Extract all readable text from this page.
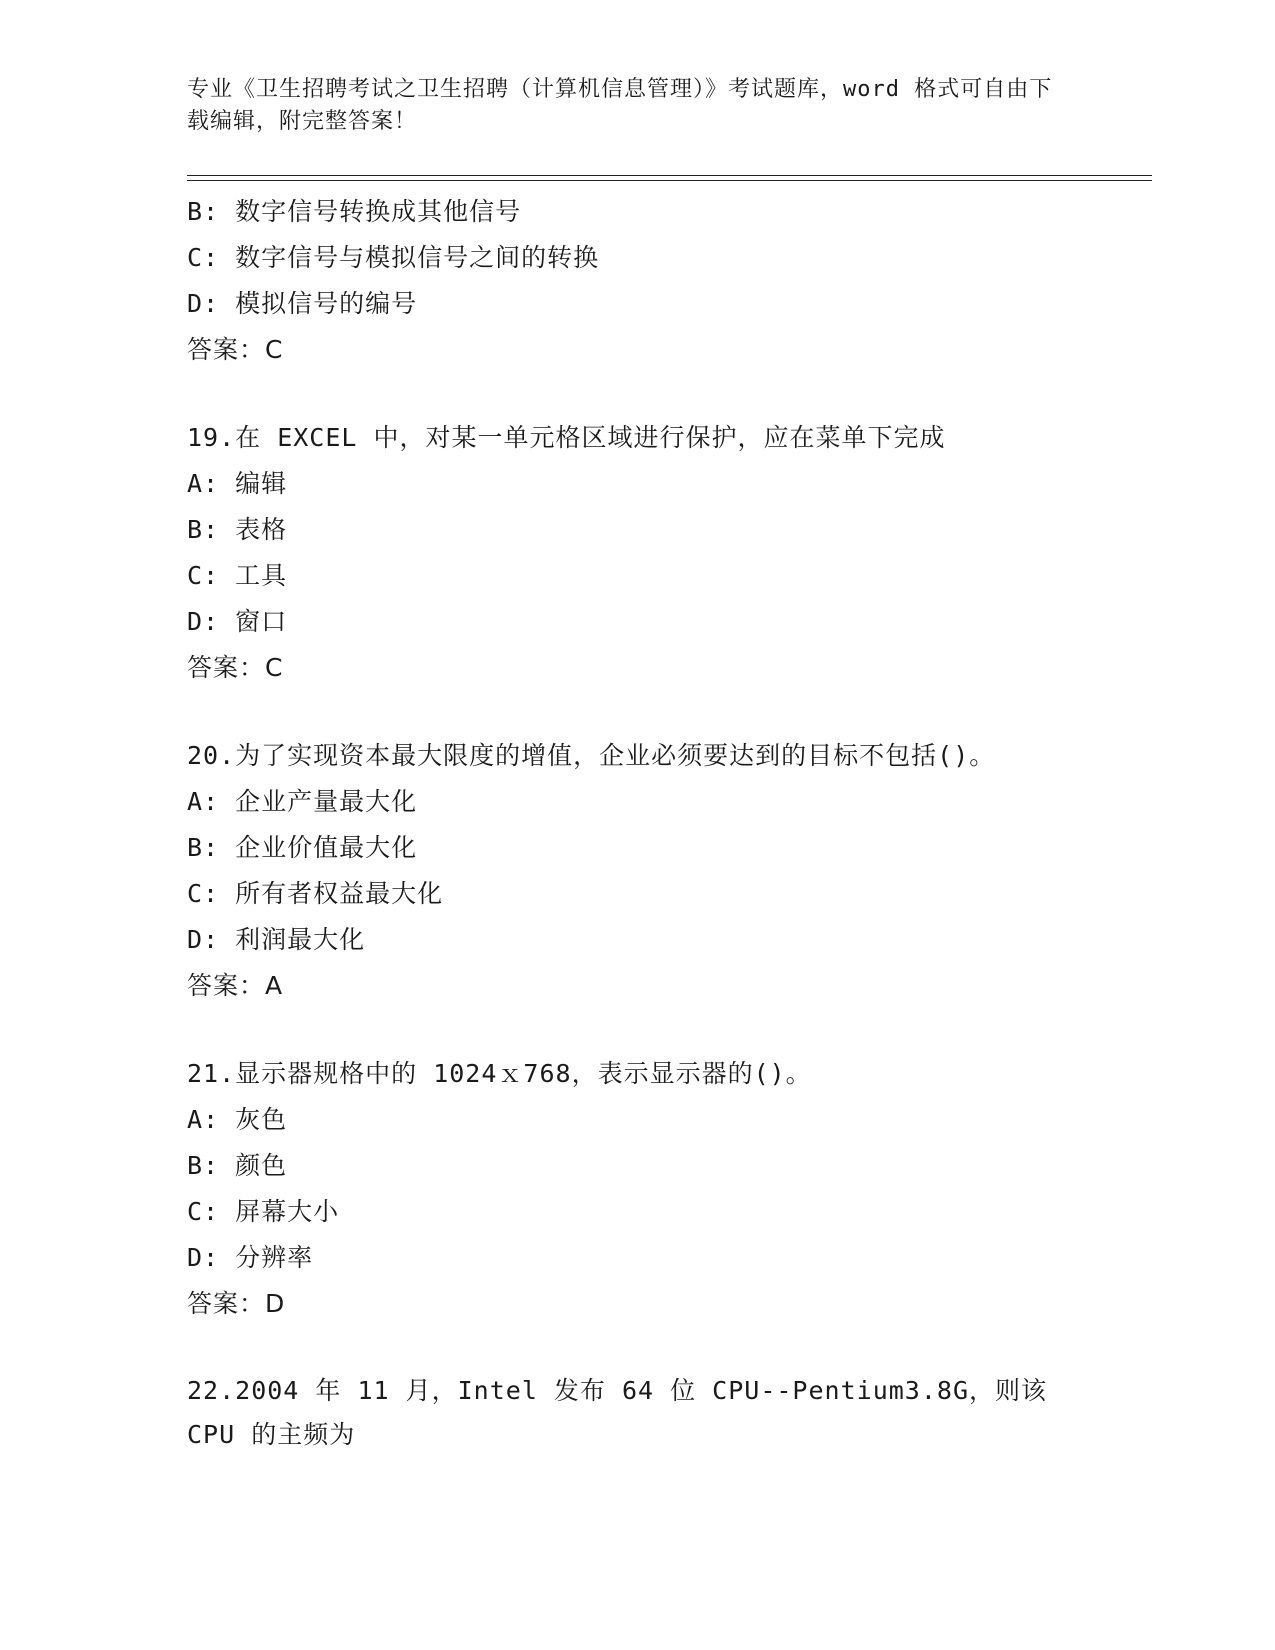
专业《卫生招聘考试之卫生招聘（计算机信息管理）》考试题库，word 格式可自由下载编辑，附完整答案！
B: 数字信号转换成其他信号
C: 数字信号与模拟信号之间的转换
D: 模拟信号的编号
答案：C
19.在 EXCEL 中，对某一单元格区域进行保护，应在菜单下完成
A: 编辑
B: 表格
C: 工具
D: 窗口
答案：C
20.为了实现资本最大限度的增值，企业必须要达到的目标不包括()。
A: 企业产量最大化
B: 企业价值最大化
C: 所有者权益最大化
D: 利润最大化
答案：A
21.显示器规格中的 1024ｘ768，表示显示器的()。
A: 灰色
B: 颜色
C: 屏幕大小
D: 分辨率
答案：D
22.2004 年 11 月，Intel 发布 64 位 CPU--Pentium3.8G，则该 CPU 的主频为
